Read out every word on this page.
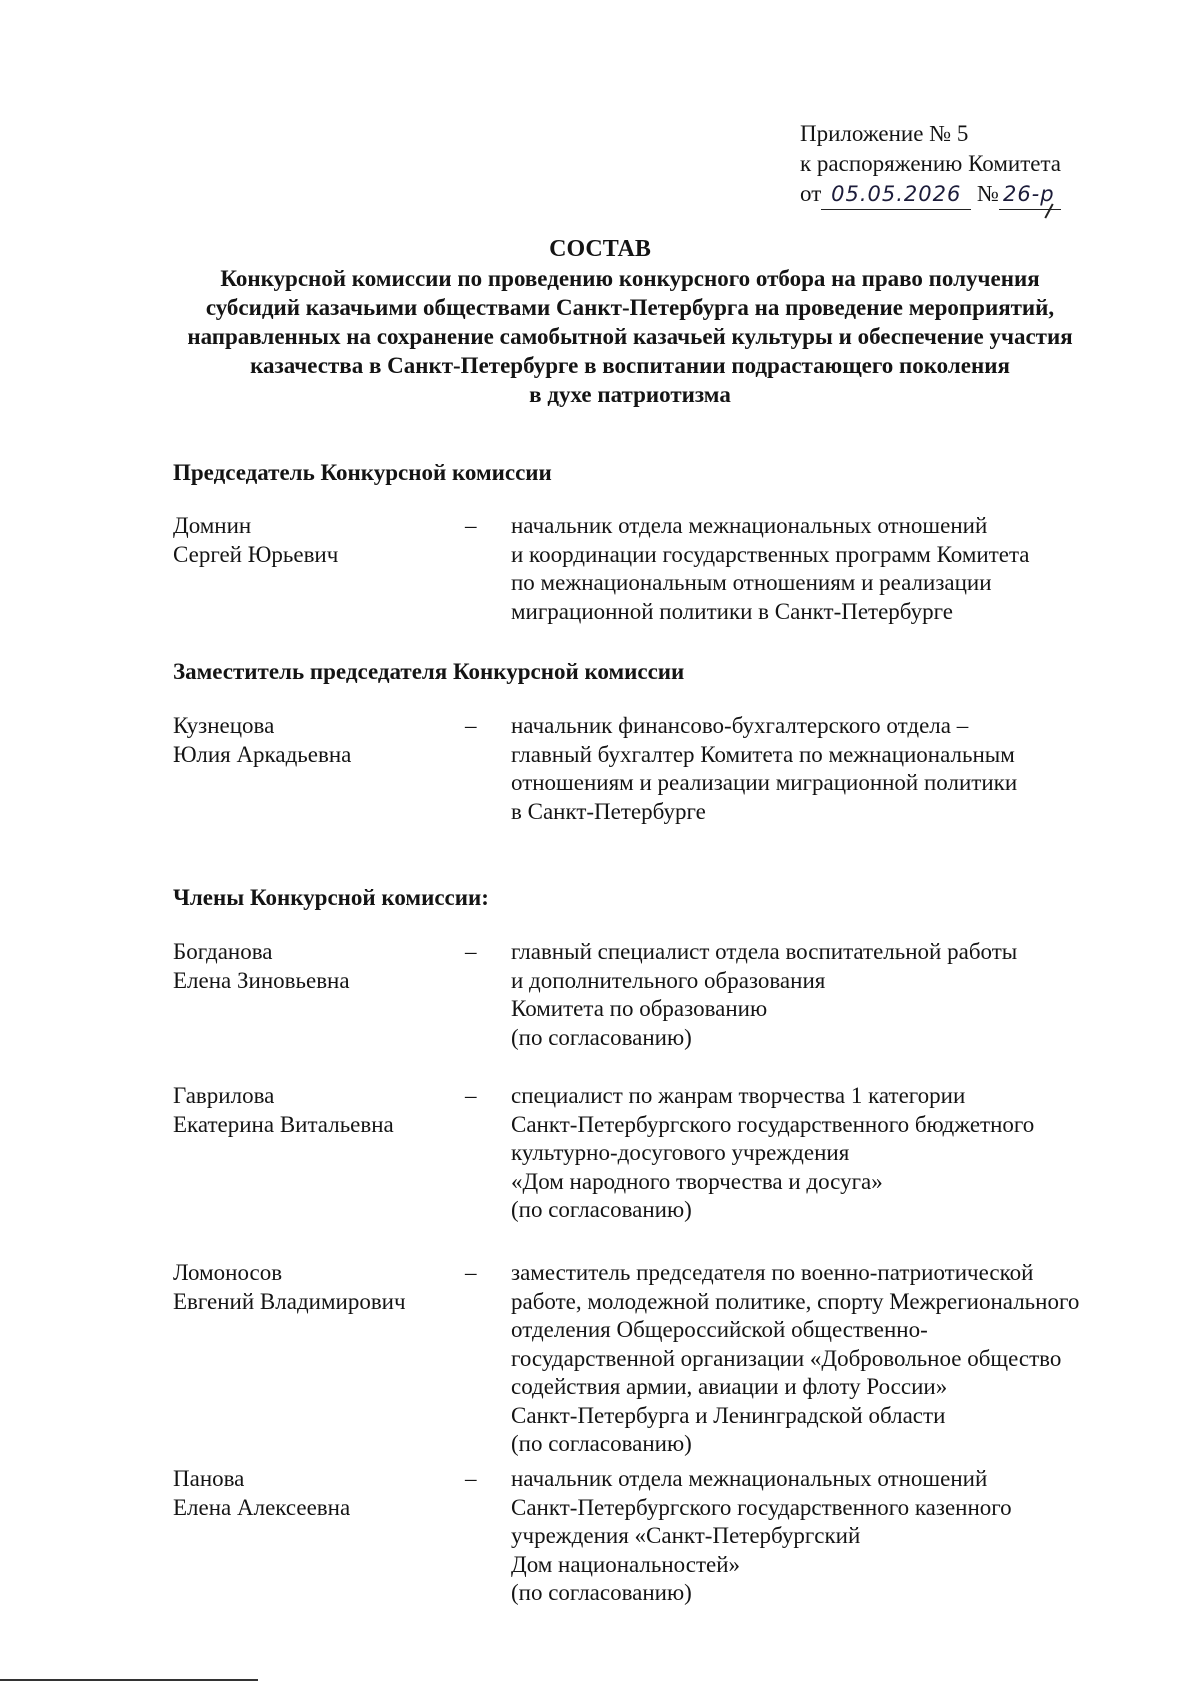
Приложение № 5
к распоряжению Комитета
от 05.05.2026 № 26-р
СОСТАВ
Конкурсной комиссии по проведению конкурсного отбора на право получения
субсидий казачьими обществами Санкт-Петербурга на проведение мероприятий,
направленных на сохранение самобытной казачьей культуры и обеспечение участия
казачества в Санкт-Петербурге в воспитании подрастающего поколения
в духе патриотизма
Председатель Конкурсной комиссии
Домнин
Сергей Юрьевич
– начальник отдела межнациональных отношений
и координации государственных программ Комитета
по межнациональным отношениям и реализации
миграционной политики в Санкт-Петербурге
Заместитель председателя Конкурсной комиссии
Кузнецова
Юлия Аркадьевна
– начальник финансово-бухгалтерского отдела –
главный бухгалтер Комитета по межнациональным
отношениям и реализации миграционной политики
в Санкт-Петербурге
Члены Конкурсной комиссии:
Богданова
Елена Зиновьевна
– главный специалист отдела воспитательной работы
и дополнительного образования
Комитета по образованию
(по согласованию)
Гаврилова
Екатерина Витальевна
– специалист по жанрам творчества 1 категории
Санкт-Петербургского государственного бюджетного
культурно-досугового учреждения
«Дом народного творчества и досуга»
(по согласованию)
Ломоносов
Евгений Владимирович
– заместитель председателя по военно-патриотической
работе, молодежной политике, спорту Межрегионального
отделения Общероссийской общественно-
государственной организации «Добровольное общество
содействия армии, авиации и флоту России»
Санкт-Петербурга и Ленинградской области
(по согласованию)
Панова
Елена Алексеевна
– начальник отдела межнациональных отношений
Санкт-Петербургского государственного казенного
учреждения «Санкт-Петербургский
Дом национальностей»
(по согласованию)
